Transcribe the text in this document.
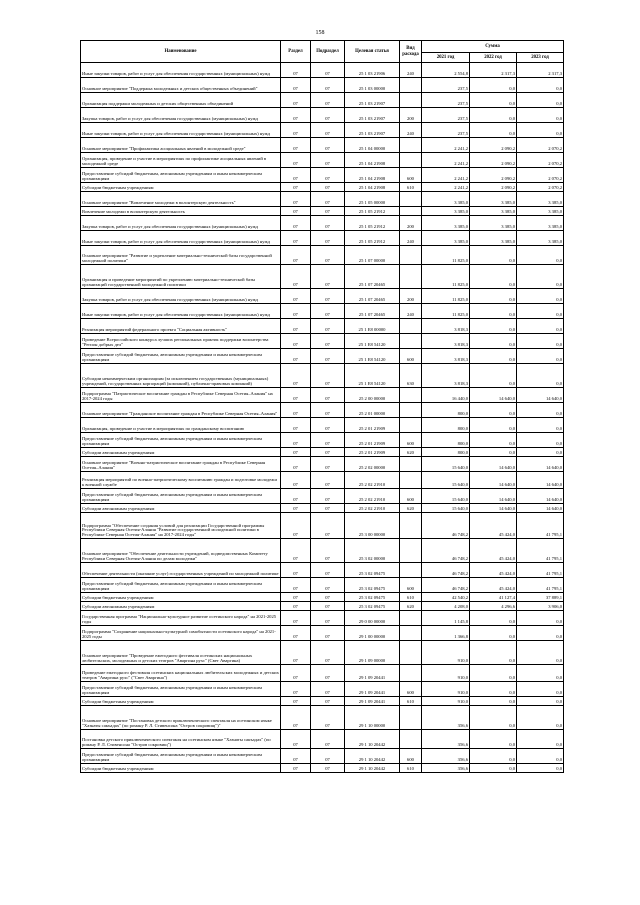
158
Наименование	Раздел	Подраздел	Целевая статья	Вид расхода	Сумма		
					2021 год	2022 год	2023 год
Иные закупки товаров, работ и услуг для обеспечения государственных (муниципальных) нужд	07	07	25 1 03 21906	240	2 554,8	2 317,3	2 317,3
Основное мероприятие "Поддержка молодежных и детских общественных объединений"	07	07	25 1 03 00000		237,5	0,0	0,0
Организация поддержки молодежных и детских общественных объединений	07	07	25 1 03 21907		237,5	0,0	0,0
Закупка товаров, работ и услуг для обеспечения государственных (муниципальных) нужд	07	07	25 1 03 21907	200	237,5	0,0	0,0
Иные закупки товаров, работ и услуг для обеспечения государственных (муниципальных) нужд	07	07	25 1 03 21907	240	237,5	0,0	0,0
Основное мероприятие "Профилактика асоциальных явлений в молодежной среде"	07	07	25 1 04 00000		2 241,2	2 090,2	2 070,2
Организация, проведение и участие в мероприятиях по профилактике асоциальных явлений в молодежной среде	07	07	25 1 04 21908		2 241,2	2 090,2	2 070,2
Предоставление субсидий бюджетным, автономным учреждениям и иным некоммерческим организациям	07	07	25 1 04 21908	600	2 241,2	2 090,2	2 070,2
Субсидии бюджетным учреждениям	07	07	25 1 04 21908	610	2 241,2	2 090,2	2 070,2
Основное мероприятие "Вовлечение молодежи в волонтерскую деятельность"	07	07	25 1 05 00000		3 385,0	3 385,0	3 385,0
Вовлечение молодежи в волонтерскую деятельность	07	07	25 1 05 21912		3 385,0	3 385,0	3 385,0
Закупка товаров, работ и услуг для обеспечения государственных (муниципальных) нужд	07	07	25 1 05 21912	200	3 385,0	3 385,0	3 385,0
Иные закупки товаров, работ и услуг для обеспечения государственных (муниципальных) нужд	07	07	25 1 05 21912	240	3 385,0	3 385,0	3 385,0
Основное мероприятие "Развитие и укрепление материально-технической базы государственной молодежной политики"	07	07	25 1 07 00000		11 825,0	0,0	0,0
Организация и проведение мероприятий по укреплению материально-технической базы организаций государственной молодежной политики	07	07	25 1 07 20465		11 825,0	0,0	0,0
Закупка товаров, работ и услуг для обеспечения государственных (муниципальных) нужд	07	07	25 1 07 20465	200	11 825,0	0,0	0,0
Иные закупки товаров, работ и услуг для обеспечения государственных (муниципальных) нужд	07	07	25 1 07 20465	240	11 825,0	0,0	0,0
Реализация мероприятий федерального проекта "Социальная активность"	07	07	25 1 E8 00000		3 818,3	0,0	0,0
Проведение Всероссийского конкурса лучших региональных практик поддержки волонтерства "Регион добрых дел"	07	07	25 1 E8 54120		3 818,3	0,0	0,0
Предоставление субсидий бюджетным, автономным учреждениям и иным некоммерческим организациям	07	07	25 1 E8 54120	600	3 818,3	0,0	0,0
Субсидии некоммерческим организациям (за исключением государственных (муниципальных) учреждений, государственных корпораций (компаний), публично-правовых компаний)	07	07	25 1 E8 54120	630	3 818,3	0,0	0,0
Подпрограмма "Патриотическое воспитание граждан в Республике Северная Осетия–Алания" на 2017-2024 годы	07	07	25 2 00 00000		16 440,0	14 640,0	14 640,0
Основное мероприятие "Гражданское воспитание граждан в Республике Северная Осетия–Алания"	07	07	25 2 01 00000		800,0	0,0	0,0
Организация, проведение и участие в мероприятиях по гражданскому воспитанию	07	07	25 2 01 21909		800,0	0,0	0,0
Предоставление субсидий бюджетным, автономным учреждениям и иным некоммерческим организациям	07	07	25 2 01 21909	600	800,0	0,0	0,0
Субсидии автономным учреждениям	07	07	25 2 01 21909	620	800,0	0,0	0,0
Основное мероприятие "Военно-патриотическое воспитание граждан в Республике Северная Осетия–Алания"	07	07	25 2 02 00000		15 640,0	14 640,0	14 640,0
Реализация мероприятий по военно-патриотическому воспитанию граждан и подготовке молодежи к военной службе	07	07	25 2 02 21910		15 640,0	14 640,0	14 640,0
Предоставление субсидий бюджетным, автономным учреждениям и иным некоммерческим организациям	07	07	25 2 02 21910	600	15 640,0	14 640,0	14 640,0
Субсидии автономным учреждениям	07	07	25 2 02 21910	620	15 640,0	14 640,0	14 640,0
Подпрограмма "Обеспечение создания условий для реализации Государственной программы Республики Северная Осетия-Алания "Развитие государственной молодежной политики в Республике Северная Осетия-Алания" на 2017-2024 годы"	07	07	25 3 00 00000		46 748,2	45 424,0	41 795,1
Основное мероприятие "Обеспечение деятельности учреждений, подведомственных Комитету Республики Северная Осетия-Алания по делам молодежи"	07	07	25 3 02 00000		46 748,2	45 424,0	41 795,1
Обеспечение деятельности (оказание услуг) государственных учреждений по молодежной политике	07	07	25 3 02 09475		46 748,2	45 424,0	41 795,1
Предоставление субсидий бюджетным, автономным учреждениям и иным некоммерческим организациям	07	07	25 3 02 09475	600	46 748,2	45 424,0	41 795,1
Субсидии бюджетным учреждениям	07	07	25 3 02 09475	610	42 540,2	41 127,4	37 889,1
Субсидии автономным учреждениям	07	07	25 3 02 09475	620	4 208,0	4 296,6	3 906,0
Государственная программа "Национально-культурное развитие осетинского народа" на 2021-2025 годы	07	07	29 0 00 00000		1 145,8	0,0	0,0
Подпрограмма "Сохранение национально-культурной самобытности осетинского народа" на 2021-2025 годы	07	07	29 1 00 00000		1 366,8	0,0	0,0
Основное мероприятие "Проведение ежегодного фестиваля осетинских национальных любительских, молодежных и детских театров "Аваргина рухс" (Свет Аваргина)	07	07	29 1 09 00000		910,0	0,0	0,0
Проведение ежегодного фестиваля осетинских национальных любительских молодежных и детских театров "Аваргина рухс" ("Свет Аваргина")	07	07	29 1 09 20441		910,0	0,0	0,0
Предоставление субсидий бюджетным, автономным учреждениям и иным некоммерческим организациям	07	07	29 1 09 20441	600	910,0	0,0	0,0
Субсидии бюджетным учреждениям	07	07	29 1 09 20441	610	910,0	0,0	0,0
Основное мероприятие "Постановка детского приключенческого спектакля на осетинском языке "Хазнаты сакъадах" (по роману Р. Л. Стивенсона "Остров сокровищ")"	07	07	29 1 10 00000		356,6	0,0	0,0
Постановка детского приключенческого спектакля на осетинском языке "Хазнаты сакъадах" (по роману Р. Л. Стивенсона "Остров сокровищ")	07	07	29 1 10 20442		356,6	0,0	0,0
Предоставление субсидий бюджетным, автономным учреждениям и иным некоммерческим организациям	07	07	29 1 10 20442	600	356,6	0,0	0,0
Субсидии бюджетным учреждениям	07	07	29 1 10 20442	610	356,6	0,0	0,0
